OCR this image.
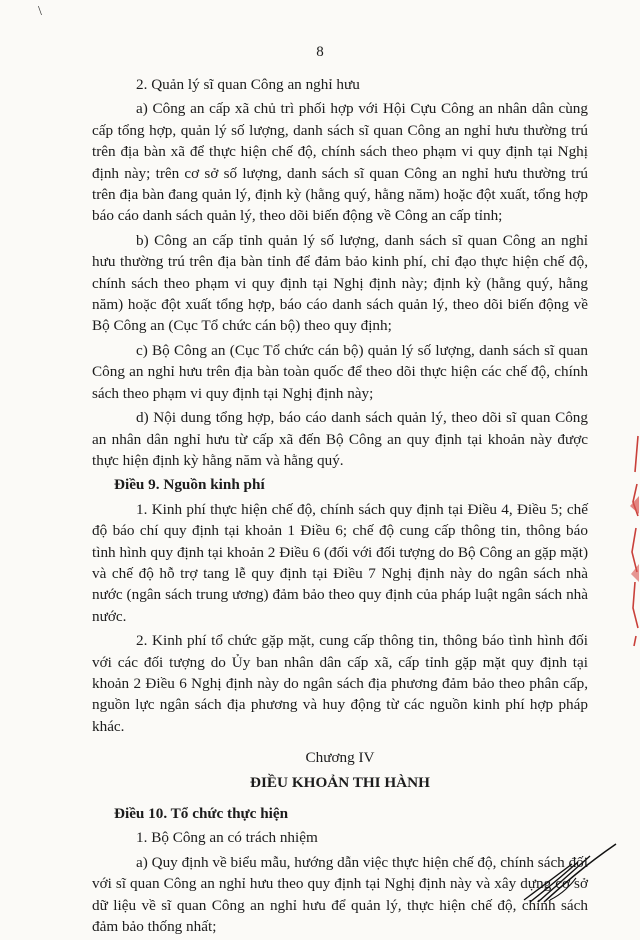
\
8

2. Quản lý sĩ quan Công an nghỉ hưu

a) Công an cấp xã chủ trì phối hợp với Hội Cựu Công an nhân dân cùng cấp tổng hợp, quản lý số lượng, danh sách sĩ quan Công an nghỉ hưu thường trú trên địa bàn xã để thực hiện chế độ, chính sách theo phạm vi quy định tại Nghị định này; trên cơ sở số lượng, danh sách sĩ quan Công an nghỉ hưu thường trú trên địa bàn đang quản lý, định kỳ (hằng quý, hằng năm) hoặc đột xuất, tổng hợp báo cáo danh sách quản lý, theo dõi biến động về Công an cấp tỉnh;

b) Công an cấp tỉnh quản lý số lượng, danh sách sĩ quan Công an nghỉ hưu thường trú trên địa bàn tỉnh để đảm bảo kinh phí, chỉ đạo thực hiện chế độ, chính sách theo phạm vi quy định tại Nghị định này; định kỳ (hằng quý, hằng năm) hoặc đột xuất tổng hợp, báo cáo danh sách quản lý, theo dõi biến động về Bộ Công an (Cục Tổ chức cán bộ) theo quy định;

c) Bộ Công an (Cục Tổ chức cán bộ) quản lý số lượng, danh sách sĩ quan Công an nghỉ hưu trên địa bàn toàn quốc để theo dõi thực hiện các chế độ, chính sách theo phạm vi quy định tại Nghị định này;

d) Nội dung tổng hợp, báo cáo danh sách quản lý, theo dõi sĩ quan Công an nhân dân nghỉ hưu từ cấp xã đến Bộ Công an quy định tại khoản này được thực hiện định kỳ hằng năm và hằng quý.

Điều 9. Nguồn kinh phí

1. Kinh phí thực hiện chế độ, chính sách quy định tại Điều 4, Điều 5; chế độ báo chí quy định tại khoản 1 Điều 6; chế độ cung cấp thông tin, thông báo tình hình quy định tại khoản 2 Điều 6 (đối với đối tượng do Bộ Công an gặp mặt) và chế độ hỗ trợ tang lễ quy định tại Điều 7 Nghị định này do ngân sách nhà nước (ngân sách trung ương) đảm bảo theo quy định của pháp luật ngân sách nhà nước.

2. Kinh phí tổ chức gặp mặt, cung cấp thông tin, thông báo tình hình đối với các đối tượng do Ủy ban nhân dân cấp xã, cấp tỉnh gặp mặt quy định tại khoản 2 Điều 6 Nghị định này do ngân sách địa phương đảm bảo theo phân cấp, nguồn lực ngân sách địa phương và huy động từ các nguồn kinh phí hợp pháp khác.

Chương IV

ĐIỀU KHOẢN THI HÀNH

Điều 10. Tổ chức thực hiện

1. Bộ Công an có trách nhiệm

a) Quy định về biểu mẫu, hướng dẫn việc thực hiện chế độ, chính sách đối với sĩ quan Công an nghỉ hưu theo quy định tại Nghị định này và xây dựng cơ sở dữ liệu về sĩ quan Công an nghỉ hưu để quản lý, thực hiện chế độ, chính sách đảm bảo thống nhất;
